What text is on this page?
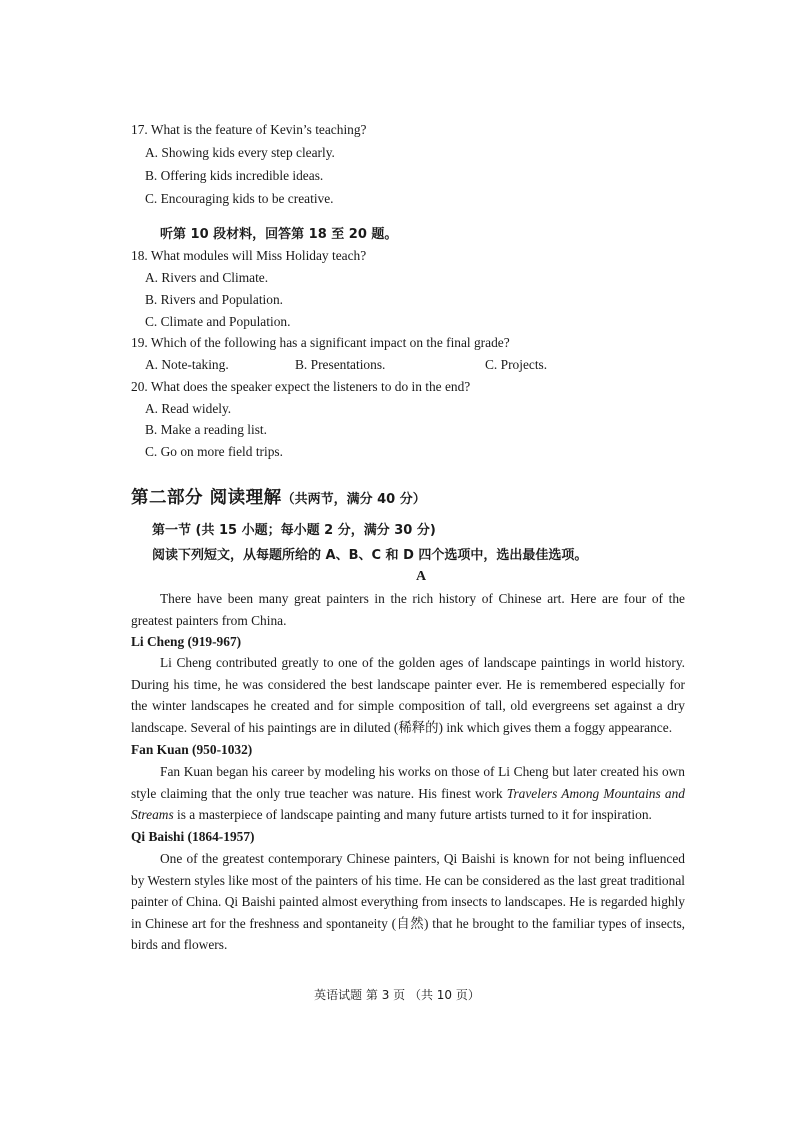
17. What is the feature of Kevin’s teaching?
A. Showing kids every step clearly.
B. Offering kids incredible ideas.
C. Encouraging kids to be creative.
听第 10 段材料，回答第 18 至 20 题。
18. What modules will Miss Holiday teach?
A. Rivers and Climate.
B. Rivers and Population.
C. Climate and Population.
19. Which of the following has a significant impact on the final grade?
A. Note-taking.	B. Presentations.	C. Projects.
20. What does the speaker expect the listeners to do in the end?
A. Read widely.
B. Make a reading list.
C. Go on more field trips.
第二部分 阅读理解（共两节，满分 40 分）
第一节 (共 15 小题；每小题 2 分，满分 30 分)
阅读下列短文，从每题所给的 A、B、C 和 D 四个选项中，选出最佳选项。
A
There have been many great painters in the rich history of Chinese art. Here are four of the greatest painters from China.
Li Cheng (919-967)
Li Cheng contributed greatly to one of the golden ages of landscape paintings in world history. During his time, he was considered the best landscape painter ever. He is remembered especially for the winter landscapes he created and for simple composition of tall, old evergreens set against a dry landscape. Several of his paintings are in diluted (稀释的) ink which gives them a foggy appearance.
Fan Kuan (950-1032)
Fan Kuan began his career by modeling his works on those of Li Cheng but later created his own style claiming that the only true teacher was nature. His finest work Travelers Among Mountains and Streams is a masterpiece of landscape painting and many future artists turned to it for inspiration.
Qi Baishi (1864-1957)
One of the greatest contemporary Chinese painters, Qi Baishi is known for not being influenced by Western styles like most of the painters of his time. He can be considered as the last great traditional painter of China. Qi Baishi painted almost everything from insects to landscapes. He is regarded highly in Chinese art for the freshness and spontaneity (自然) that he brought to the familiar types of insects, birds and flowers.
英语试题 第 3 页 （共 10 页）
